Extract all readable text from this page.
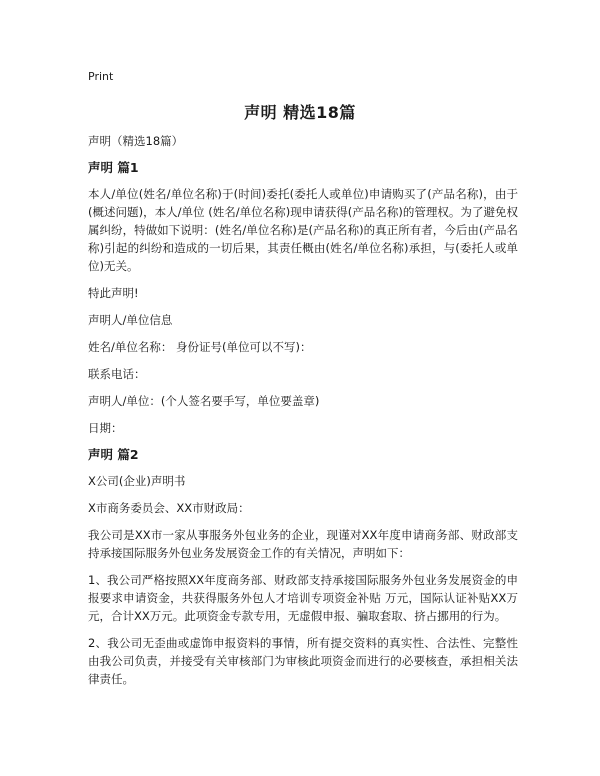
Print
声明 精选18篇

声明（精选18篇）

声明 篇1

本人/单位(姓名/单位名称)于(时间)委托(委托人或单位)申请购买了(产品名称)，由于(概述问题)，本人/单位 (姓名/单位名称)现申请获得(产品名称)的管理权。为了避免权属纠纷，特做如下说明：(姓名/单位名称)是(产品名称)的真正所有者，今后由(产品名称)引起的纠纷和造成的一切后果，其责任概由(姓名/单位名称)承担，与(委托人或单位)无关。

特此声明!

声明人/单位信息

姓名/单位名称： 身份证号(单位可以不写)：

联系电话：

声明人/单位：(个人签名要手写，单位要盖章)

日期：

声明 篇2

X公司(企业)声明书

X市商务委员会、XX市财政局：

我公司是XX市一家从事服务外包业务的企业，现谨对XX年度申请商务部、财政部支持承接国际服务外包业务发展资金工作的有关情况，声明如下：

1、我公司严格按照XX年度商务部、财政部支持承接国际服务外包业务发展资金的申报要求申请资金，共获得服务外包人才培训专项资金补贴 万元，国际认证补贴XX万元，合计XX万元。此项资金专款专用，无虚假申报、骗取套取、挤占挪用的行为。

2、我公司无歪曲或虚饰申报资料的事情，所有提交资料的真实性、合法性、完整性由我公司负责，并接受有关审核部门为审核此项资金而进行的必要核查，承担相关法律责任。
